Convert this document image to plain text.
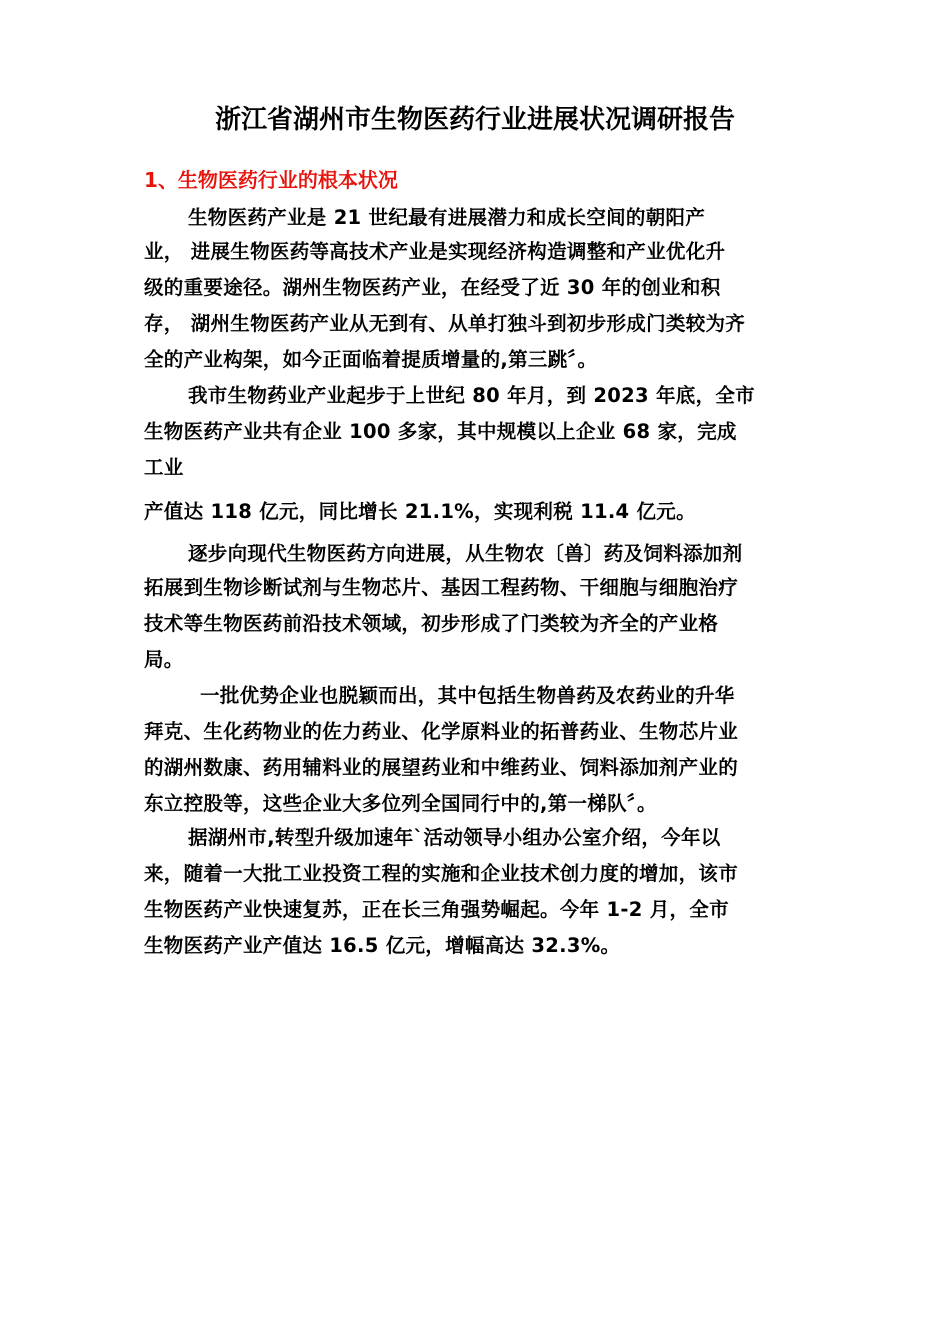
浙江省湖州市生物医药行业进展状况调研报告
1、生物医药行业的根本状况
生物医药产业是 21 世纪最有进展潜力和成长空间的朝阳产
业， 进展生物医药等高技术产业是实现经济构造调整和产业优化升
级的重要途径。湖州生物医药产业，在经受了近 30 年的创业和积
存， 湖州生物医药产业从无到有、从单打独斗到初步形成门类较为齐
全的产业构架，如今正面临着提质增量的,第三跳〞。
我市生物药业产业起步于上世纪 80 年月，到 2023 年底，全市
生物医药产业共有企业 100 多家，其中规模以上企业 68 家，完成
工业
产值达 118 亿元，同比增长 21.1%，实现利税 11.4 亿元。
逐步向现代生物医药方向进展，从生物农〔兽〕药及饲料添加剂
拓展到生物诊断试剂与生物芯片、基因工程药物、干细胞与细胞治疗
技术等生物医药前沿技术领域，初步形成了门类较为齐全的产业格
局。
一批优势企业也脱颖而出，其中包括生物兽药及农药业的升华
拜克、生化药物业的佐力药业、化学原料业的拓普药业、生物芯片业
的湖州数康、药用辅料业的展望药业和中维药业、饲料添加剂产业的
东立控股等，这些企业大多位列全国同行中的,第一梯队〞。
据湖州市,转型升级加速年`活动领导小组办公室介绍，今年以
来，随着一大批工业投资工程的实施和企业技术创力度的增加，该市
生物医药产业快速复苏，正在长三角强势崛起。今年 1-2 月，全市
生物医药产业产值达 16.5 亿元，增幅高达 32.3%。
